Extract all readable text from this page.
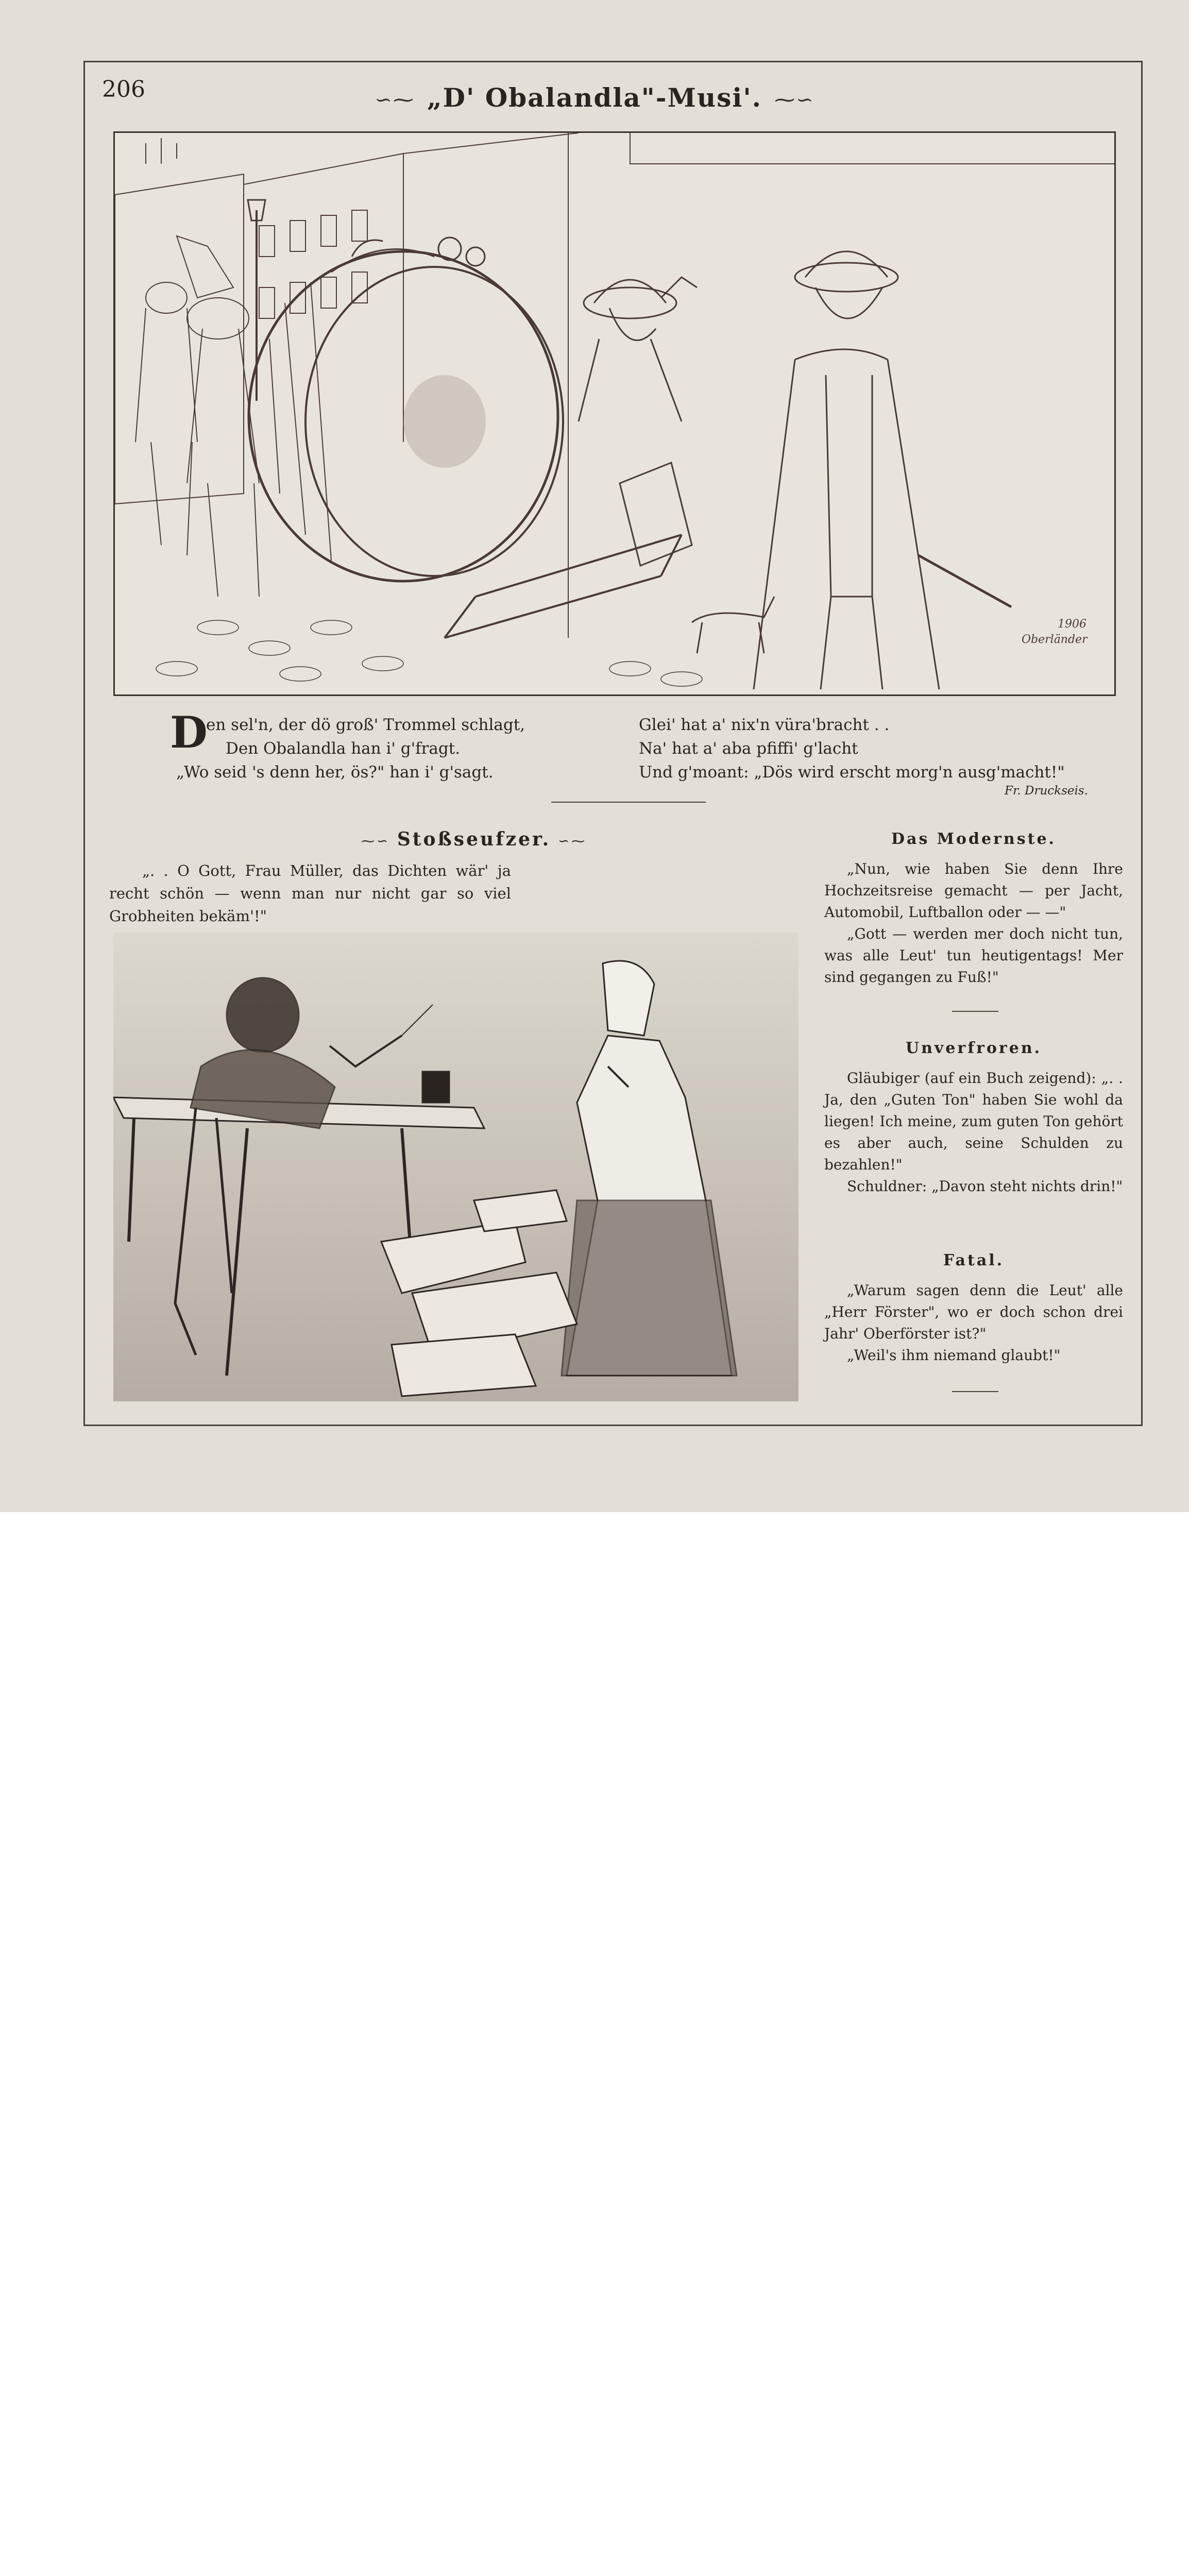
206	∽⁓ „D' Obalandla"-Musi'. ⁓∽
1906
Oberländer
D
en sel'n, der dö groß' Trommel schlagt,
Den Obalandla han i' g'fragt.
„Wo seid 's denn her, ös?" han i' g'sagt.
Glei' hat a' nix'n vüra'bracht . .
Na' hat a' aba pfiffi' g'lacht
Und g'moant: „Dös wird erscht morg'n ausg'macht!"
Fr. Druckseis.
⁓∽ Stoßseufzer. ∽⁓

„. . O Gott, Frau Müller, das Dichten wär' ja recht schön — wenn man nur nicht gar so viel Grobheiten bekäm'!"

Das Modernste.

„Nun, wie haben Sie denn Ihre Hochzeitsreise gemacht — per Jacht, Automobil, Luftballon oder — —"

„Gott — werden mer doch nicht tun, was alle Leut' tun heutigentags! Mer sind gegangen zu Fuß!"

Unverfroren.

Gläubiger (auf ein Buch zeigend): „. . Ja, den „Guten Ton" haben Sie wohl da liegen! Ich meine, zum guten Ton gehört es aber auch, seine Schulden zu bezahlen!"

Schuldner: „Davon steht nichts drin!"

Fatal.

„Warum sagen denn die Leut' alle „Herr Förster", wo er doch schon drei Jahr' Oberförster ist?"

„Weil's ihm niemand glaubt!"
